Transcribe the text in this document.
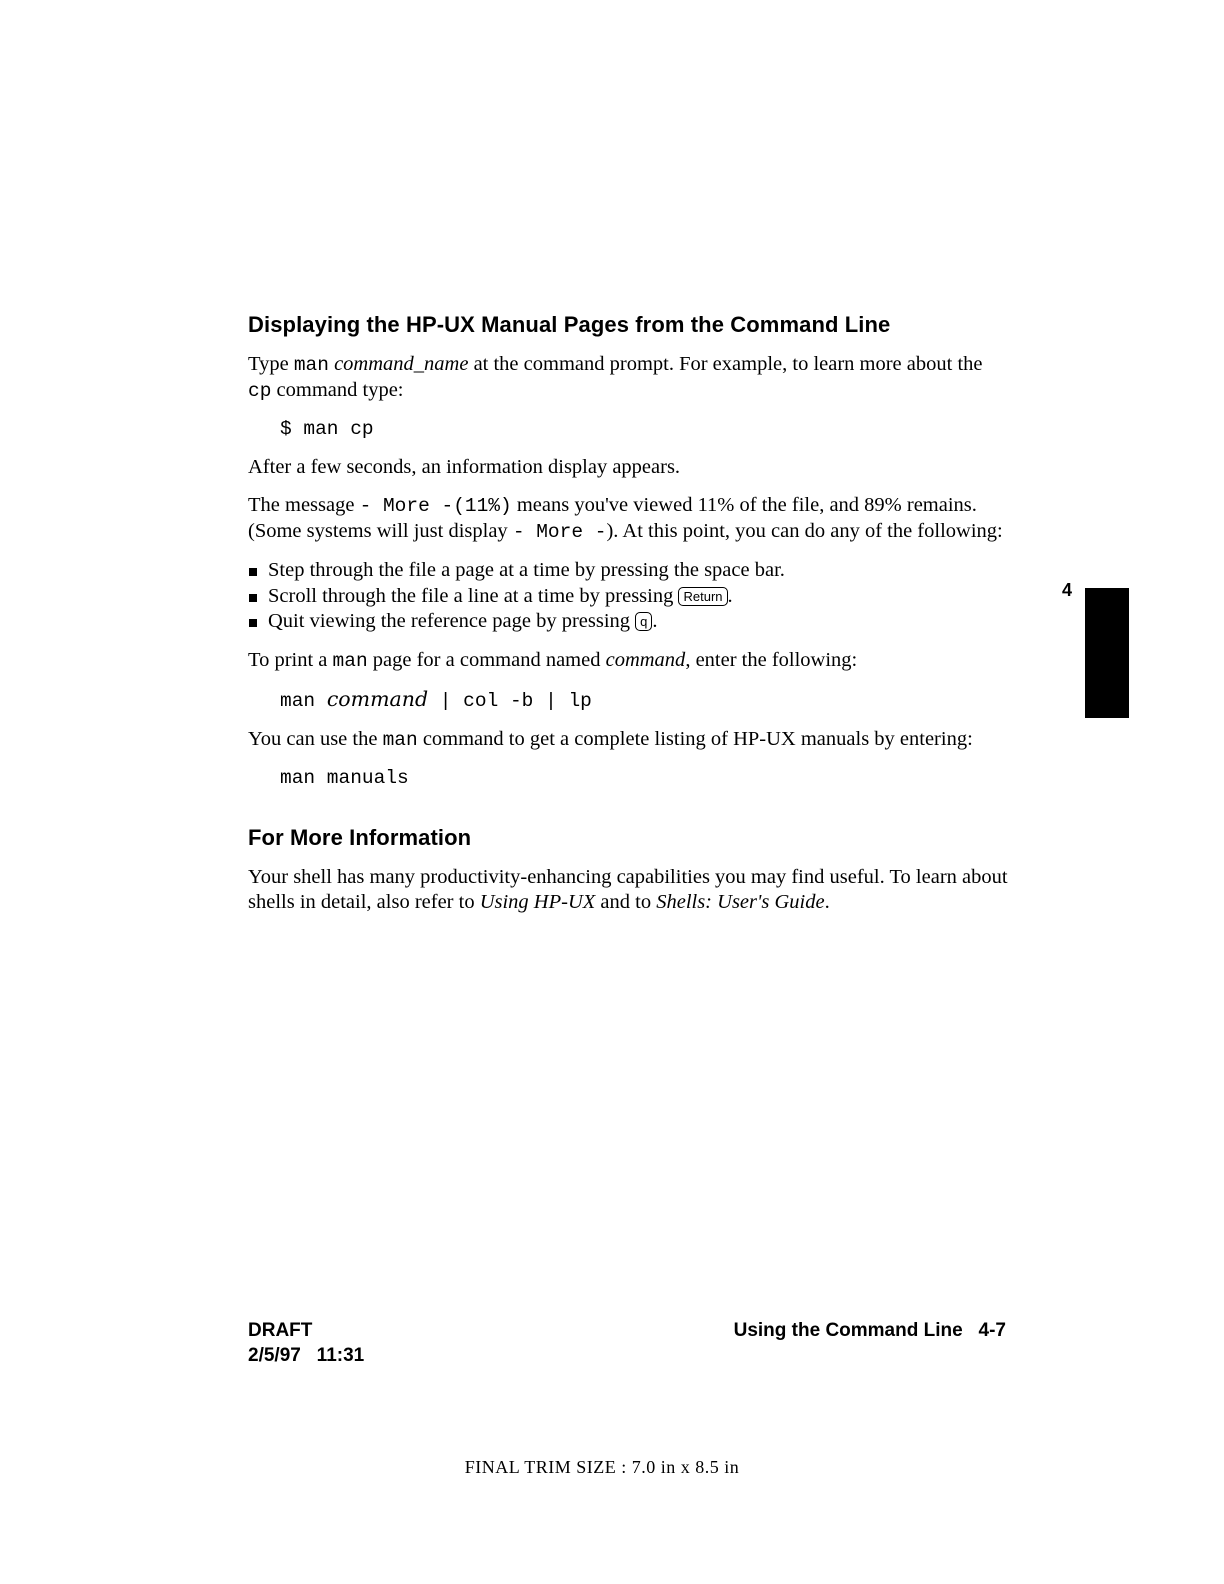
Displaying the HP-UX Manual Pages from the Command Line

Type man command_name at the command prompt. For example, to learn more about the cp command type:

$ man cp

After a few seconds, an information display appears.

The message - More -(11%) means you've viewed 11% of the file, and 89% remains. (Some systems will just display - More -). At this point, you can do any of the following:

Step through the file a page at a time by pressing the space bar.
Scroll through the file a line at a time by pressing Return .
Quit viewing the reference page by pressing q .

To print a man page for a command named command, enter the following:

man command | col -b | lp

You can use the man command to get a complete listing of HP-UX manuals by entering:

man manuals
For More Information

Your shell has many productivity-enhancing capabilities you may find useful. To learn about shells in detail, also refer to Using HP-UX and to Shells: User's Guide.

4
DRAFT
2/5/97 11:31
Using the Command Line 4-7
FINAL TRIM SIZE : 7.0 in x 8.5 in
